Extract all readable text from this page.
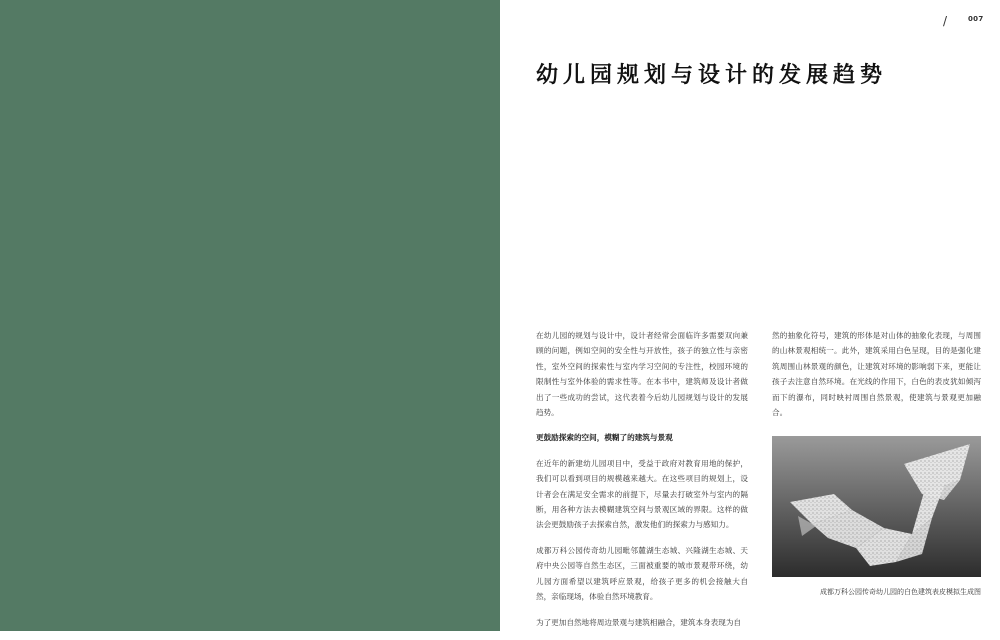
/	007
幼儿园规划与设计的发展趋势

在幼儿园的规划与设计中，设计者经常会面临许多需要双向兼顾的问题，例如空间的安全性与开放性，孩子的独立性与亲密性，室外空间的探索性与室内学习空间的专注性，校园环境的限制性与室外体验的需求性等。在本书中，建筑师及设计者做出了一些成功的尝试，这代表着今后幼儿园规划与设计的发展趋势。

更鼓励探索的空间，模糊了的建筑与景观

在近年的新建幼儿园项目中，受益于政府对教育用地的保护，我们可以看到项目的规模越来越大。在这些项目的规划上，设计者会在满足安全需求的前提下，尽量去打破室外与室内的隔断，用各种方法去模糊建筑空间与景观区域的界限。这样的做法会更鼓励孩子去探索自然，激发他们的探索力与感知力。

成都万科公园传奇幼儿园毗邻麓湖生态城、兴隆湖生态城、天府中央公园等自然生态区，三面被重要的城市景观带环绕，幼儿园方面希望以建筑呼应景观，给孩子更多的机会接触大自然，亲临现场，体验自然环境教育。

为了更加自然地将周边景观与建筑相融合，建筑本身表现为自

然的抽象化符号，建筑的形体是对山体的抽象化表现，与周围的山林景观相统一。此外，建筑采用白色呈现，目的是强化建筑周围山林景观的颜色，让建筑对环境的影响弱下来，更能让孩子去注意自然环境。在光线的作用下，白色的表皮犹如倾泻而下的瀑布，同时映衬周围自然景观，使建筑与景观更加融合。

成都万科公园传奇幼儿园的白色建筑表皮模拟生成图
